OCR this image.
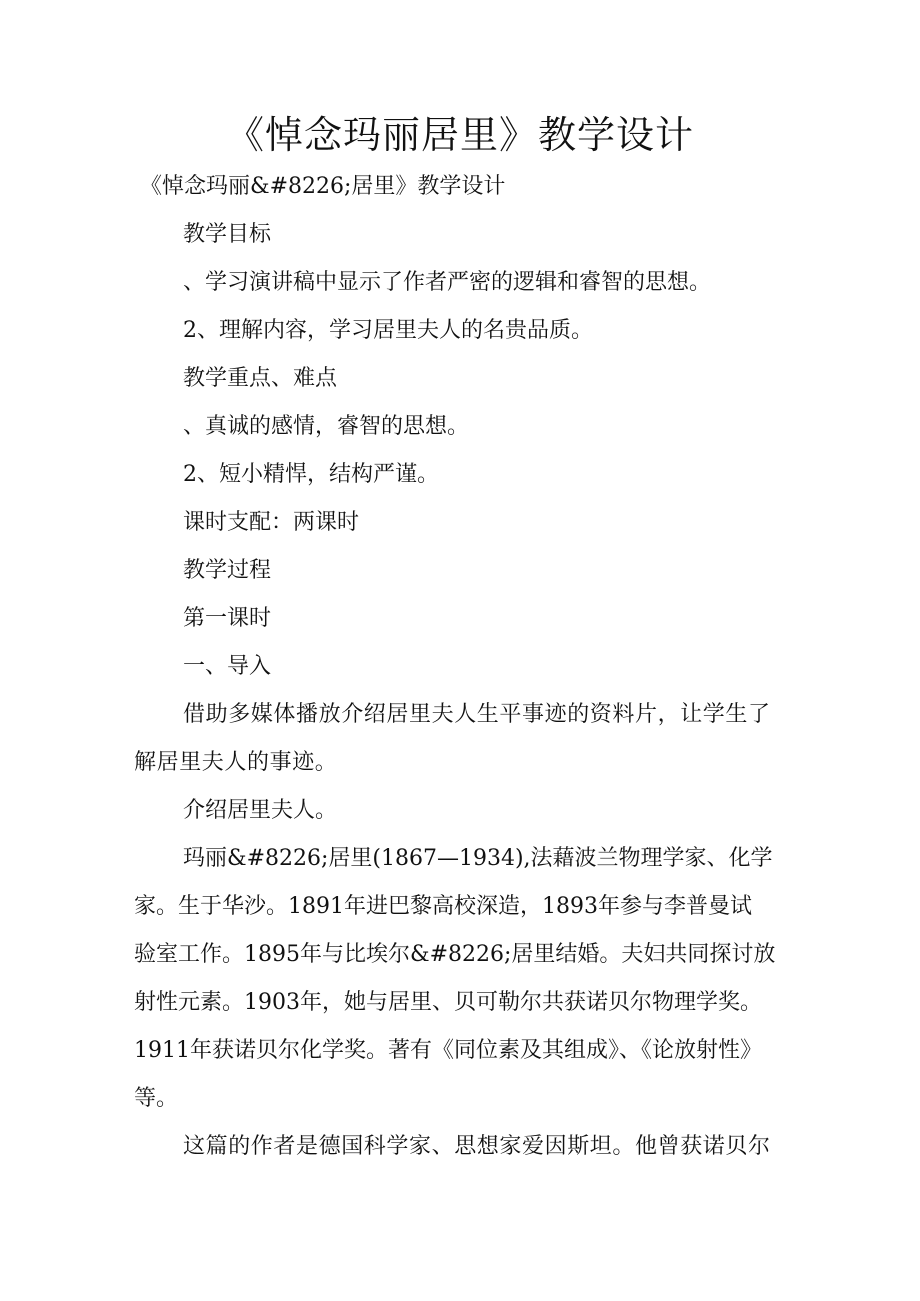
《悼念玛丽居里》教学设计

《悼念玛丽&#8226;居里》教学设计

教学目标

、学习演讲稿中显示了作者严密的逻辑和睿智的思想。

2、理解内容，学习居里夫人的名贵品质。

教学重点、难点

、真诚的感情，睿智的思想。

2、短小精悍，结构严谨。

课时支配：两课时

教学过程

第一课时

一、导入

借助多媒体播放介绍居里夫人生平事迹的资料片，让学生了

解居里夫人的事迹。

介绍居里夫人。

玛丽&#8226;居里(1867—1934),法藉波兰物理学家、化学

家。生于华沙。1891年进巴黎高校深造，1893年参与李普曼试

验室工作。1895年与比埃尔&#8226;居里结婚。夫妇共同探讨放

射性元素。1903年，她与居里、贝可勒尔共获诺贝尔物理学奖。

1911年获诺贝尔化学奖。著有《同位素及其组成》、《论放射性》

等。

这篇的作者是德国科学家、思想家爱因斯坦。他曾获诺贝尔
